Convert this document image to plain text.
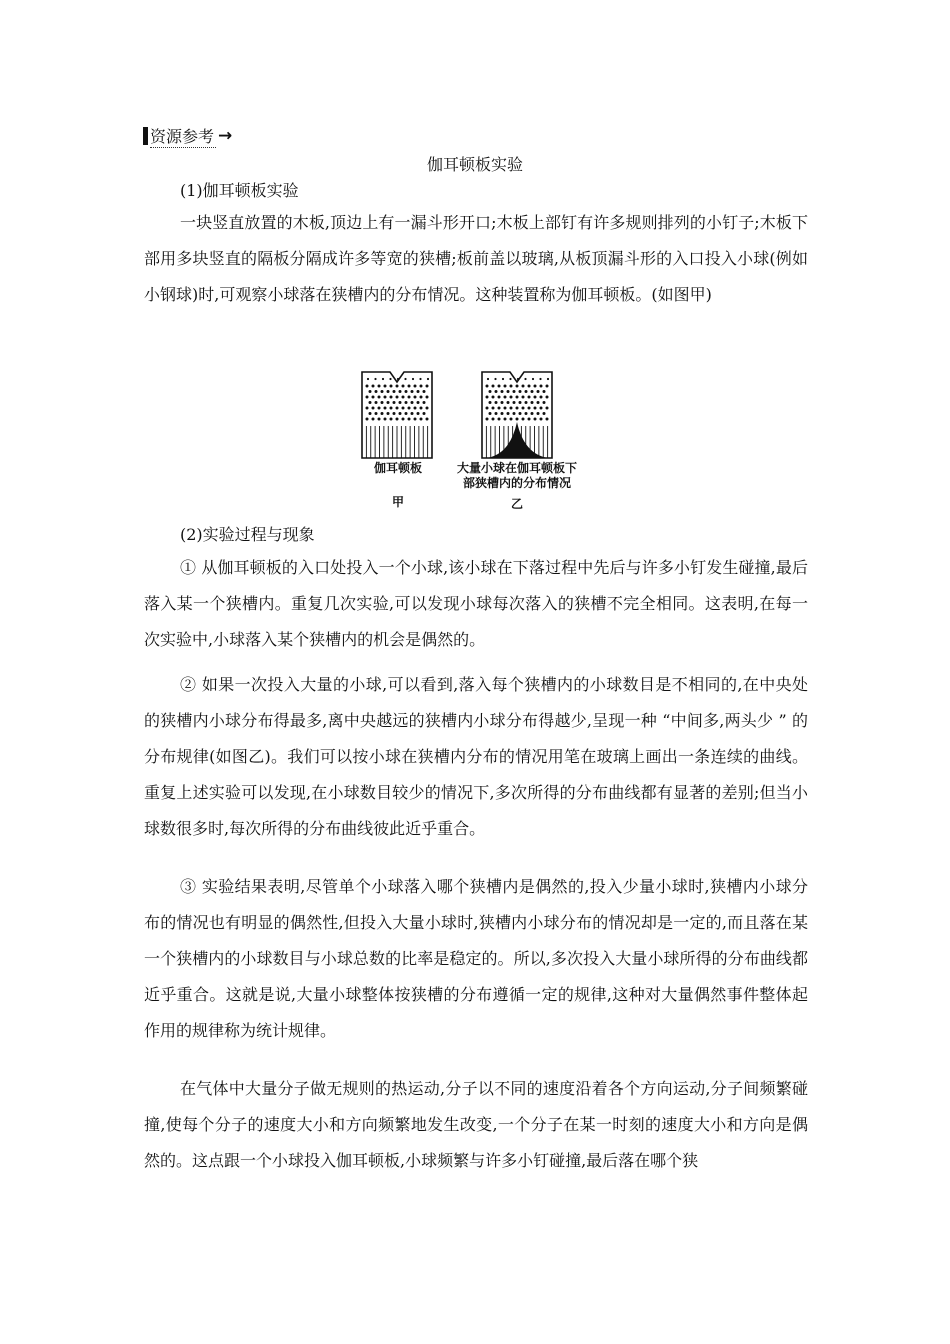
资源参考 →
伽耳顿板实验
(1)伽耳顿板实验

一块竖直放置的木板,顶边上有一漏斗形开口;木板上部钉有许多规则排列的小钉子;木板下部用多块竖直的隔板分隔成许多等宽的狭槽;板前盖以玻璃,从板顶漏斗形的入口投入小球(例如小钢球)时,可观察小球落在狭槽内的分布情况。这种装置称为伽耳顿板。(如图甲)

伽耳顿板
甲
大量小球在伽耳顿板下
部狭槽内的分布情况
乙
(2)实验过程与现象

① 从伽耳顿板的入口处投入一个小球,该小球在下落过程中先后与许多小钉发生碰撞,最后落入某一个狭槽内。重复几次实验,可以发现小球每次落入的狭槽不完全相同。这表明,在每一次实验中,小球落入某个狭槽内的机会是偶然的。

② 如果一次投入大量的小球,可以看到,落入每个狭槽内的小球数目是不相同的,在中央处的狭槽内小球分布得最多,离中央越远的狭槽内小球分布得越少,呈现一种 “中间多,两头少 ” 的分布规律(如图乙)。我们可以按小球在狭槽内分布的情况用笔在玻璃上画出一条连续的曲线。重复上述实验可以发现,在小球数目较少的情况下,多次所得的分布曲线都有显著的差别;但当小球数很多时,每次所得的分布曲线彼此近乎重合。

③ 实验结果表明,尽管单个小球落入哪个狭槽内是偶然的,投入少量小球时,狭槽内小球分布的情况也有明显的偶然性,但投入大量小球时,狭槽内小球分布的情况却是一定的,而且落在某一个狭槽内的小球数目与小球总数的比率是稳定的。所以,多次投入大量小球所得的分布曲线都近乎重合。这就是说,大量小球整体按狭槽的分布遵循一定的规律,这种对大量偶然事件整体起作用的规律称为统计规律。

在气体中大量分子做无规则的热运动,分子以不同的速度沿着各个方向运动,分子间频繁碰撞,使每个分子的速度大小和方向频繁地发生改变,一个分子在某一时刻的速度大小和方向是偶然的。这点跟一个小球投入伽耳顿板,小球频繁与许多小钉碰撞,最后落在哪个狭
